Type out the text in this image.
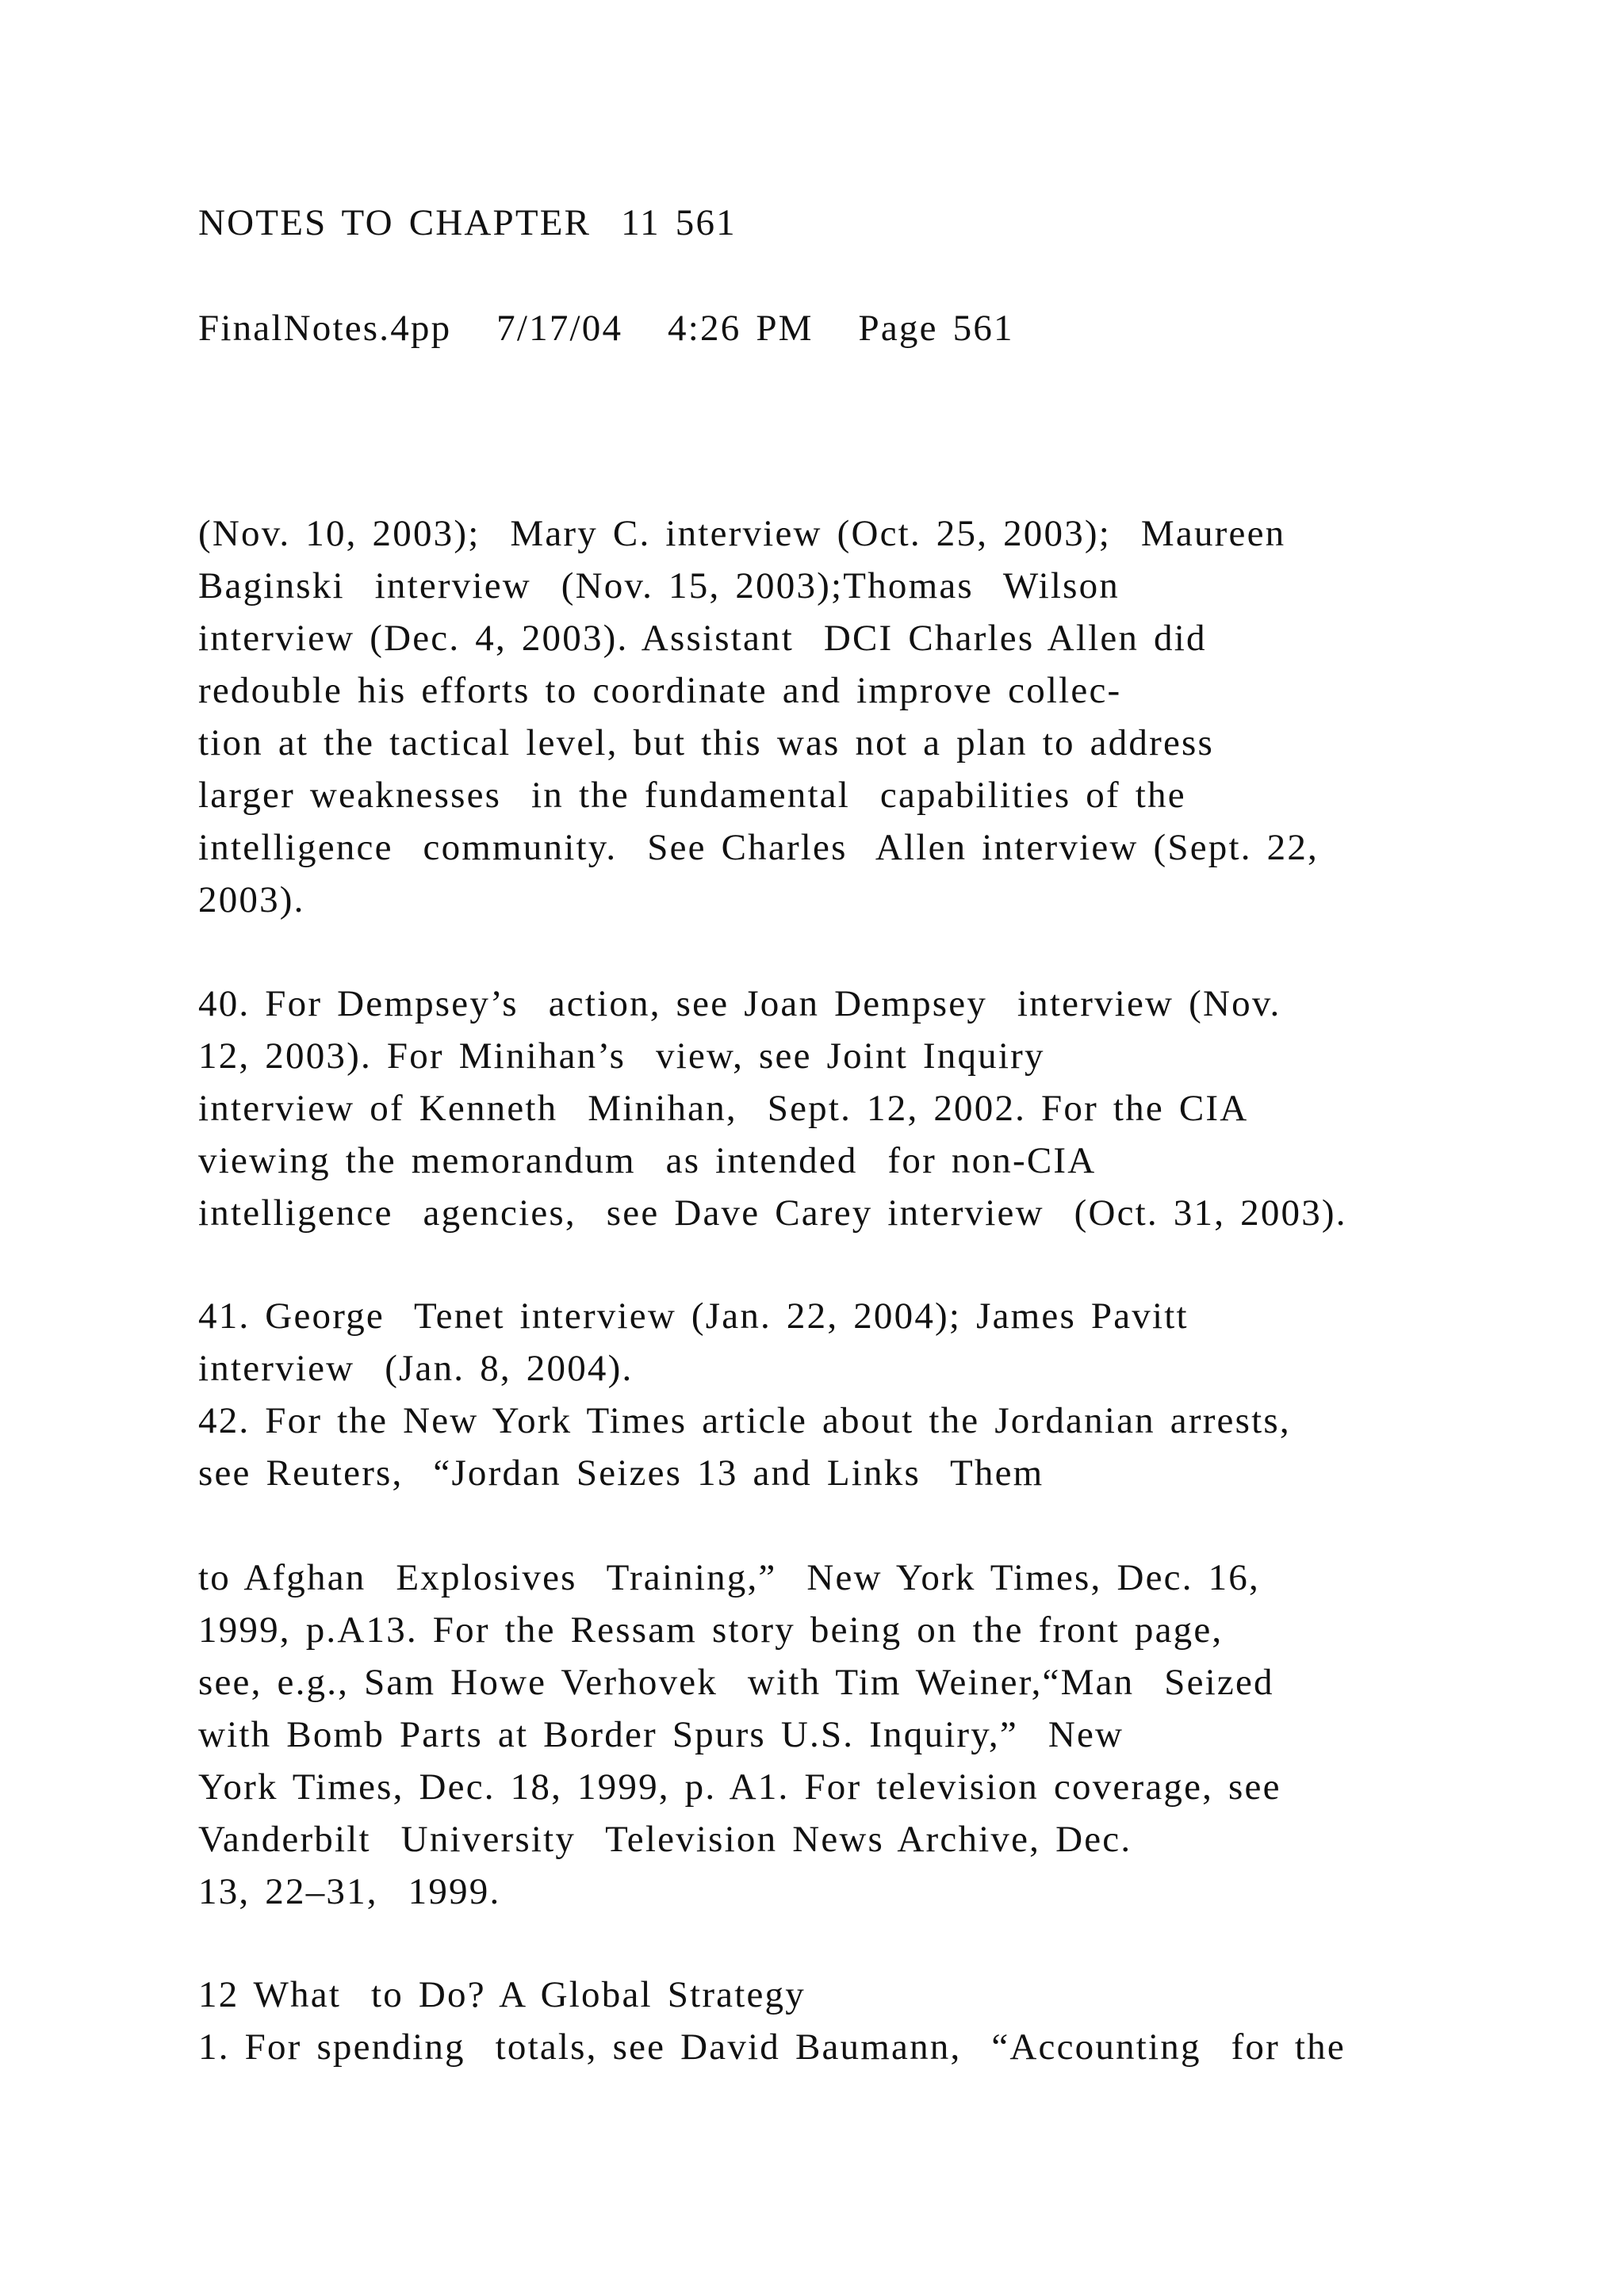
NOTES TO CHAPTER  11 561
FinalNotes.4pp   7/17/04   4:26 PM   Page 561
(Nov. 10, 2003);  Mary C. interview (Oct. 25, 2003);  Maureen
Baginski  interview  (Nov. 15, 2003);Thomas  Wilson
interview (Dec. 4, 2003). Assistant  DCI Charles Allen did
redouble his efforts to coordinate and improve collec-
tion at the tactical level, but this was not a plan to address
larger weaknesses  in the fundamental  capabilities of the
intelligence  community.  See Charles  Allen interview (Sept. 22,
2003).
40. For Dempsey’s  action, see Joan Dempsey  interview (Nov.
12, 2003). For Minihan’s  view, see Joint Inquiry
interview of Kenneth  Minihan,  Sept. 12, 2002. For the CIA
viewing the memorandum  as intended  for non-CIA
intelligence  agencies,  see Dave Carey interview  (Oct. 31, 2003).
41. George  Tenet interview (Jan. 22, 2004); James Pavitt
interview  (Jan. 8, 2004).
42. For the New York Times article about the Jordanian arrests,
see Reuters,  “Jordan Seizes 13 and Links  Them
to Afghan  Explosives  Training,”  New York Times, Dec. 16,
1999, p.A13. For the Ressam story being on the front page,
see, e.g., Sam Howe Verhovek  with Tim Weiner,“Man  Seized
with Bomb Parts at Border Spurs U.S. Inquiry,”  New
York Times, Dec. 18, 1999, p. A1. For television coverage, see
Vanderbilt  University  Television News Archive, Dec.
13, 22–31,  1999.
12 What  to Do? A Global Strategy
1. For spending  totals, see David Baumann,  “Accounting  for the
